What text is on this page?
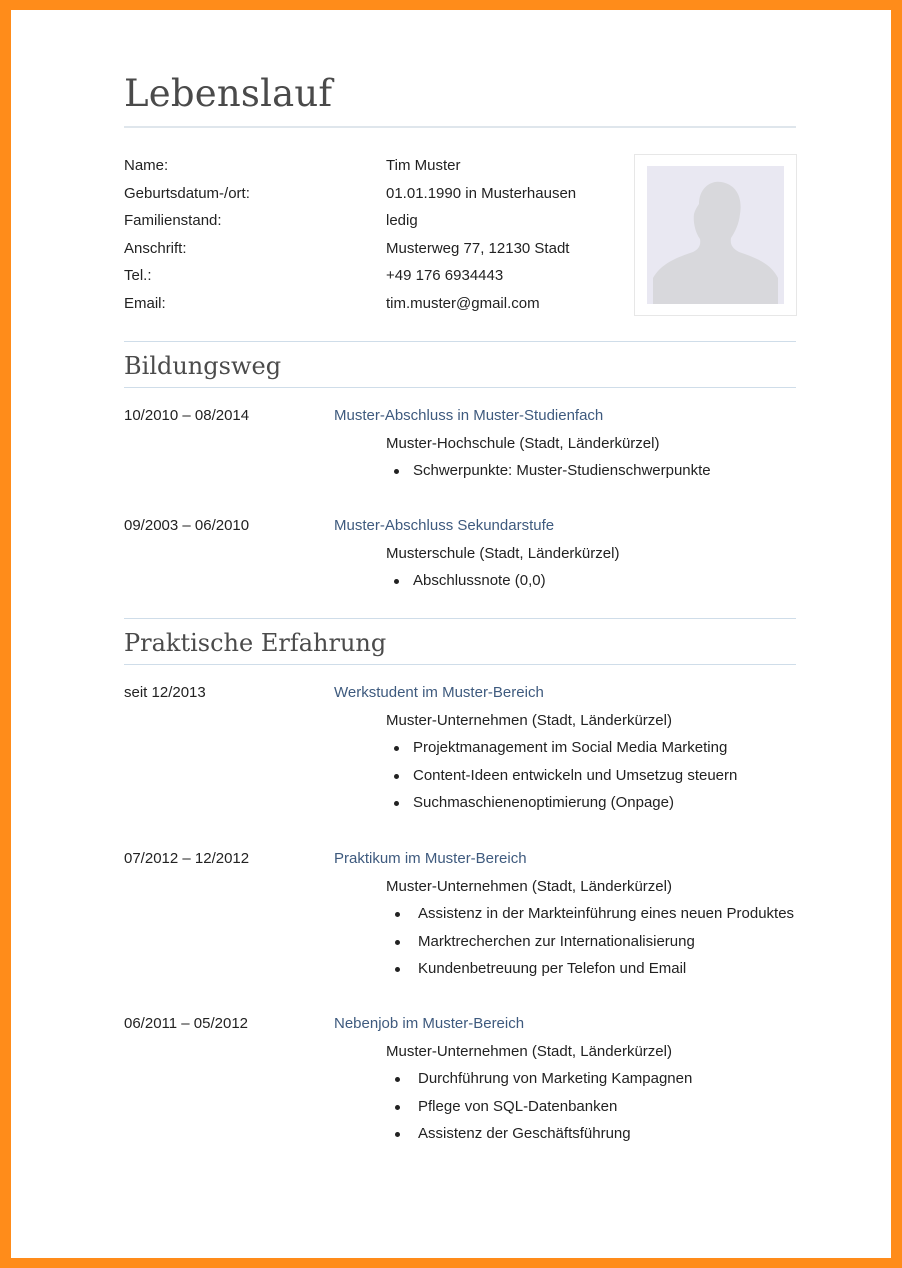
Lebenslauf
Name:	Tim Muster
Geburtsdatum-/ort:	01.01.1990 in Musterhausen
Familienstand:	ledig
Anschrift:	Musterweg 77, 12130 Stadt
Tel.:	+49 176 6934443
Email:	tim.muster@gmail.com
Bildungsweg
10/2010 – 08/2014	Muster-Abschluss in Muster-Studienfach
Muster-Hochschule (Stadt, Länderkürzel)
Schwerpunkte: Muster-Studienschwerpunkte
09/2003 – 06/2010	Muster-Abschluss Sekundarstufe
Musterschule (Stadt, Länderkürzel)
Abschlussnote (0,0)
Praktische Erfahrung
seit 12/2013	Werkstudent im Muster-Bereich
Muster-Unternehmen (Stadt, Länderkürzel)
Projektmanagement im Social Media Marketing
Content-Ideen entwickeln und Umsetzug steuern
Suchmaschienenoptimierung (Onpage)
07/2012 – 12/2012	Praktikum im Muster-Bereich
Muster-Unternehmen (Stadt, Länderkürzel)
Assistenz in der Markteinführung eines neuen Produktes
Marktrecherchen zur Internationalisierung
Kundenbetreuung per Telefon und Email
06/2011 – 05/2012	Nebenjob im Muster-Bereich
Muster-Unternehmen (Stadt, Länderkürzel)
Durchführung von Marketing Kampagnen
Pflege von SQL-Datenbanken
Assistenz der Geschäftsführung
